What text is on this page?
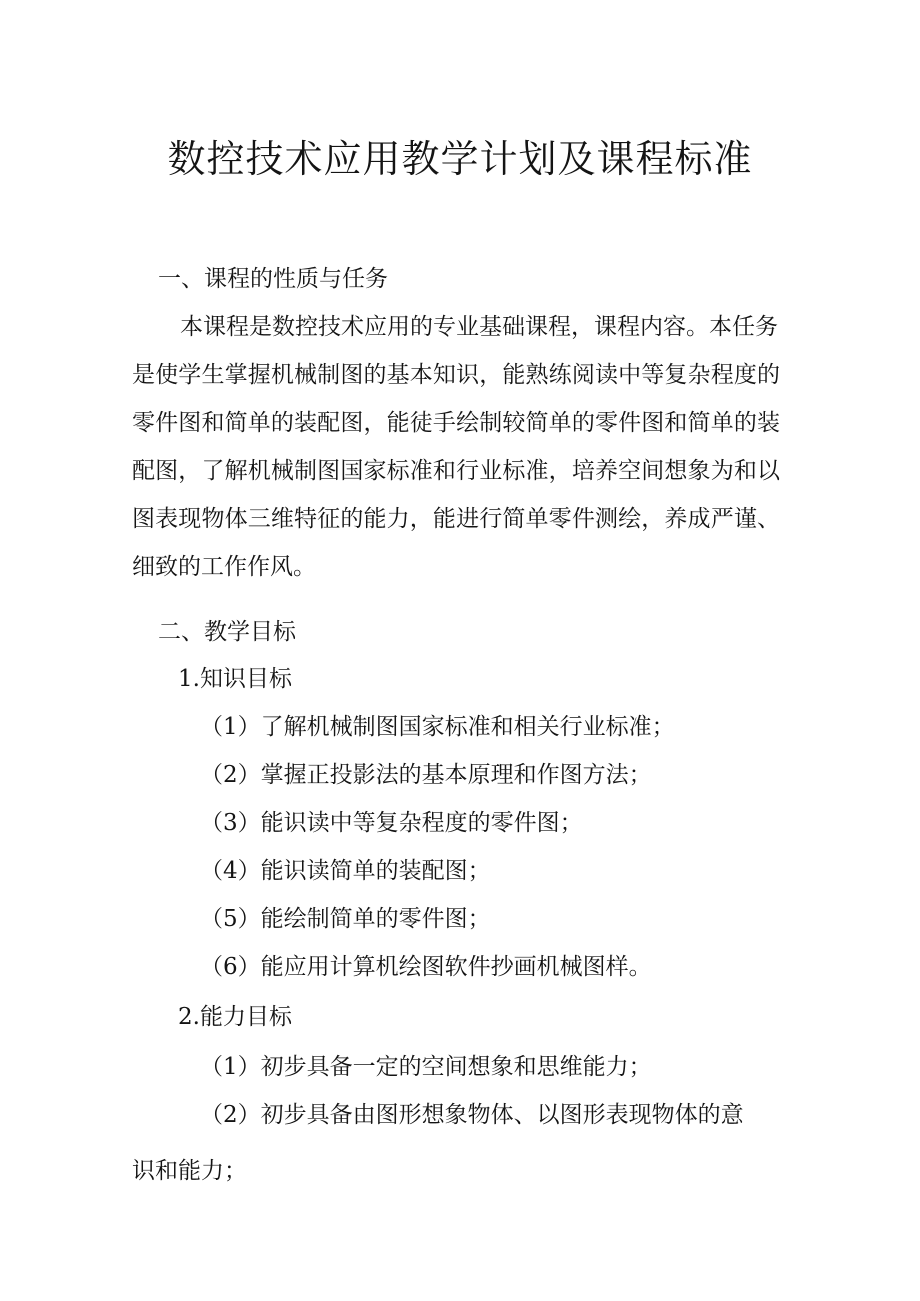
数控技术应用教学计划及课程标准
一、课程的性质与任务
本课程是数控技术应用的专业基础课程，课程内容。本任务
是使学生掌握机械制图的基本知识，能熟练阅读中等复杂程度的
零件图和简单的装配图，能徒手绘制较简单的零件图和简单的装
配图，了解机械制图国家标准和行业标准，培养空间想象为和以
图表现物体三维特征的能力，能进行简单零件测绘，养成严谨、
细致的工作作风。
二、教学目标
1.知识目标
（1）了解机械制图国家标准和相关行业标准；
（2）掌握正投影法的基本原理和作图方法；
（3）能识读中等复杂程度的零件图；
（4）能识读简单的装配图；
（5）能绘制简单的零件图；
（6）能应用计算机绘图软件抄画机械图样。
2.能力目标
（1）初步具备一定的空间想象和思维能力；
（2）初步具备由图形想象物体、以图形表现物体的意
识和能力；
